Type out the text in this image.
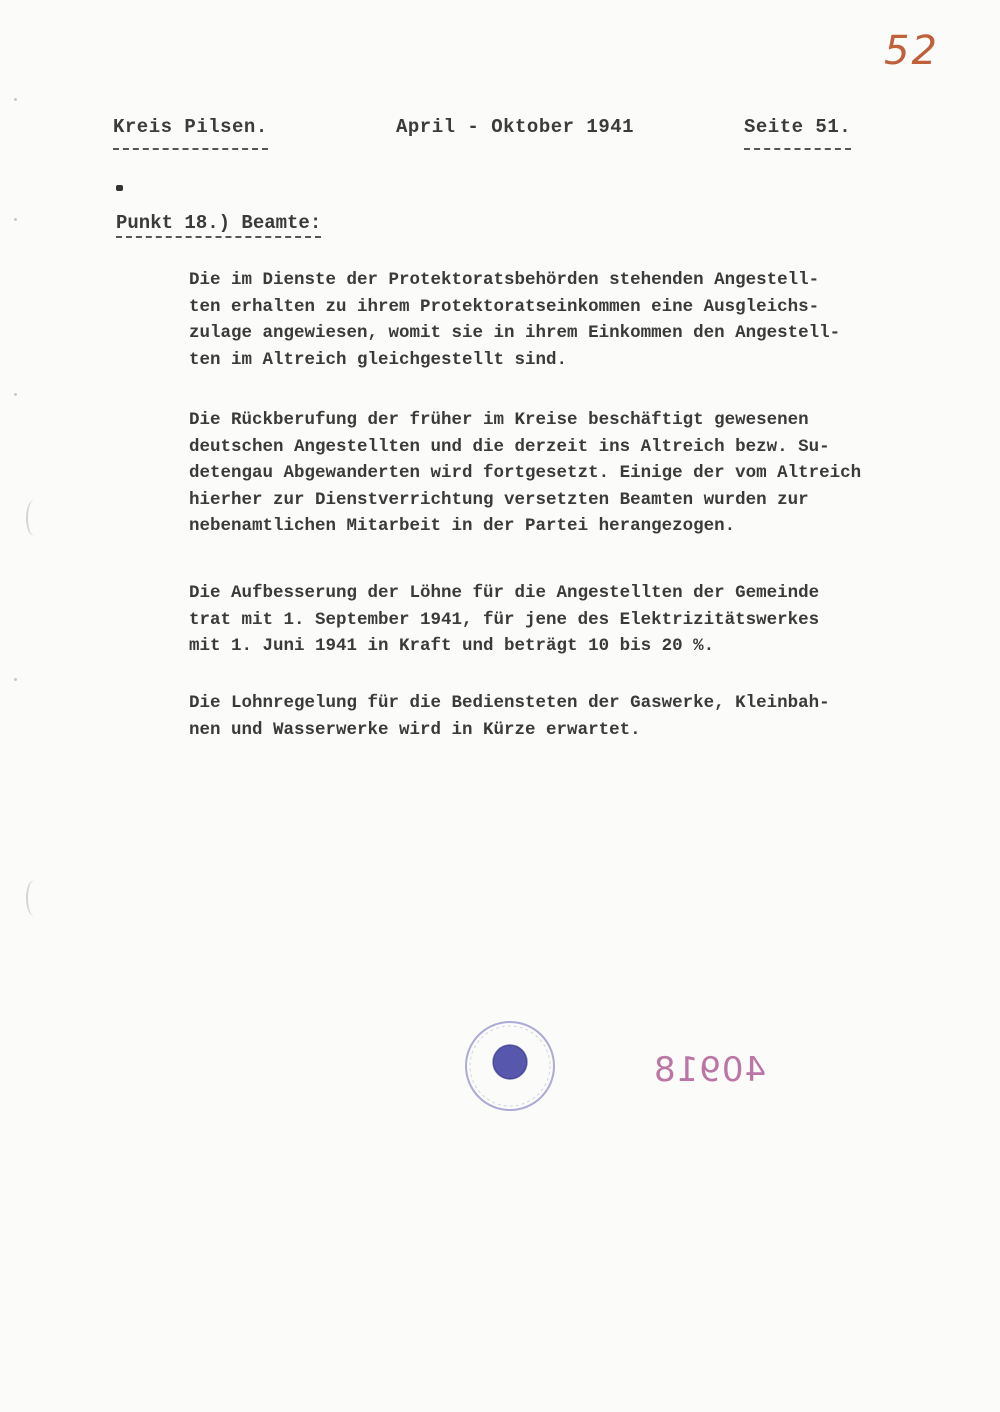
52
Kreis Pilsen.	April - Oktober 1941	Seite 51.
Punkt 18.) Beamte:
Die im Dienste der Protektoratsbehörden stehenden Angestell-
ten erhalten zu ihrem Protektoratseinkommen eine Ausgleichs-
zulage angewiesen, womit sie in ihrem Einkommen den Angestell-
ten im Altreich gleichgestellt sind.
Die Rückberufung der früher im Kreise beschäftigt gewesenen
deutschen Angestellten und die derzeit ins Altreich bezw. Su-
detengau Abgewanderten wird fortgesetzt. Einige der vom Altreich
hierher zur Dienstverrichtung versetzten Beamten wurden zur
nebenamtlichen Mitarbeit in der Partei herangezogen.
Die Aufbesserung der Löhne für die Angestellten der Gemeinde
trat mit 1. September 1941, für jene des Elektrizitätswerkes
mit 1. Juni 1941 in Kraft und beträgt 10 bis 20 %.
Die Lohnregelung für die Bediensteten der Gaswerke, Kleinbah-
nen und Wasserwerke wird in Kürze erwartet.
40918
